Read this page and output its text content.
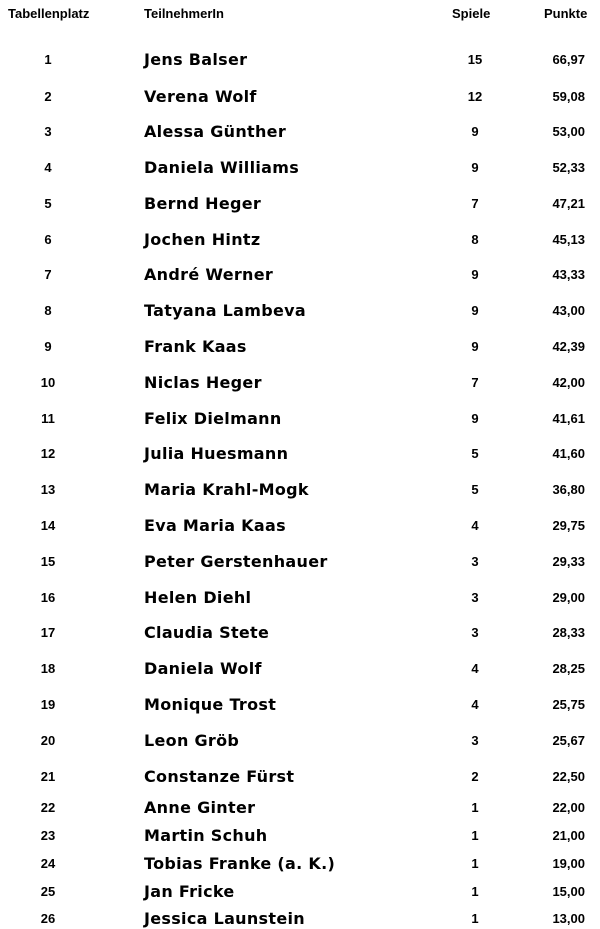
Tabellenplatz	TeilnehmerIn	Spiele	Punkte
1	Jens Balser	15	66,97
2	Verena Wolf	12	59,08
3	Alessa Günther	9	53,00
4	Daniela Williams	9	52,33
5	Bernd Heger	7	47,21
6	Jochen Hintz	8	45,13
7	André Werner	9	43,33
8	Tatyana Lambeva	9	43,00
9	Frank Kaas	9	42,39
10	Niclas Heger	7	42,00
11	Felix Dielmann	9	41,61
12	Julia Huesmann	5	41,60
13	Maria Krahl-Mogk	5	36,80
14	Eva Maria Kaas	4	29,75
15	Peter Gerstenhauer	3	29,33
16	Helen Diehl	3	29,00
17	Claudia Stete	3	28,33
18	Daniela Wolf	4	28,25
19	Monique Trost	4	25,75
20	Leon Gröb	3	25,67
21	Constanze Fürst	2	22,50
22	Anne Ginter	1	22,00
23	Martin Schuh	1	21,00
24	Tobias Franke (a. K.)	1	19,00
25	Jan Fricke	1	15,00
26	Jessica Launstein	1	13,00
